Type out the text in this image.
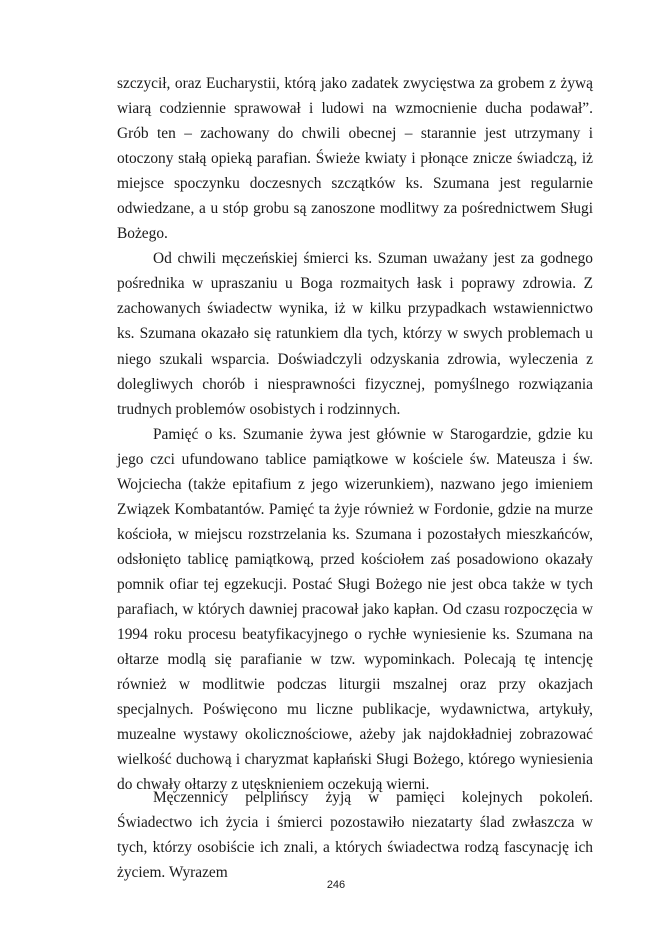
szczycił, oraz Eucharystii, którą jako zadatek zwycięstwa za grobem z żywą wiarą codziennie sprawował i ludowi na wzmocnienie ducha podawał”. Grób ten – zachowany do chwili obecnej – starannie jest utrzymany i otoczony stałą opieką parafian. Świeże kwiaty i płonące znicze świadczą, iż miejsce spoczynku doczesnych szczątków ks. Szumana jest regularnie odwiedzane, a u stóp grobu są zanoszone modlitwy za pośrednictwem Sługi Bożego.

Od chwili męczeńskiej śmierci ks. Szuman uważany jest za godnego pośrednika w upraszaniu u Boga rozmaitych łask i poprawy zdrowia. Z zachowanych świadectw wynika, iż w kilku przypadkach wstawiennictwo ks. Szumana okazało się ratunkiem dla tych, którzy w swych problemach u niego szukali wsparcia. Doświadczyli odzyskania zdrowia, wyleczenia z dolegliwych chorób i niesprawności fizycznej, pomyślnego rozwiązania trudnych problemów osobistych i rodzinnych.

Pamięć o ks. Szumanie żywa jest głównie w Starogardzie, gdzie ku jego czci ufundowano tablice pamiątkowe w kościele św. Mateusza i św. Wojciecha (także epitafium z jego wizerunkiem), nazwano jego imieniem Związek Kombatantów. Pamięć ta żyje również w Fordonie, gdzie na murze kościoła, w miejscu rozstrzelania ks. Szumana i pozostałych mieszkańców, odsłonięto tablicę pamiątkową, przed kościołem zaś posadowiono okazały pomnik ofiar tej egzekucji. Postać Sługi Bożego nie jest obca także w tych parafiach, w których dawniej pracował jako kapłan. Od czasu rozpoczęcia w 1994 roku procesu beatyfikacyjnego o rychłe wyniesienie ks. Szumana na ołtarze modlą się parafianie w tzw. wypominkach. Polecają tę intencję również w modlitwie podczas liturgii mszalnej oraz przy okazjach specjalnych. Poświęcono mu liczne publikacje, wydawnictwa, artykuły, muzealne wystawy okolicznościowe, ażeby jak najdokładniej zobrazować wielkość duchową i charyzmat kapłański Sługi Bożego, którego wyniesienia do chwały ołtarzy z utęsknieniem oczekują wierni.

Męczennicy pelplińscy żyją w pamięci kolejnych pokoleń. Świadectwo ich życia i śmierci pozostawiło niezatarty ślad zwłaszcza w tych, którzy osobiście ich znali, a których świadectwa rodzą fascynację ich życiem. Wyrazem

246
